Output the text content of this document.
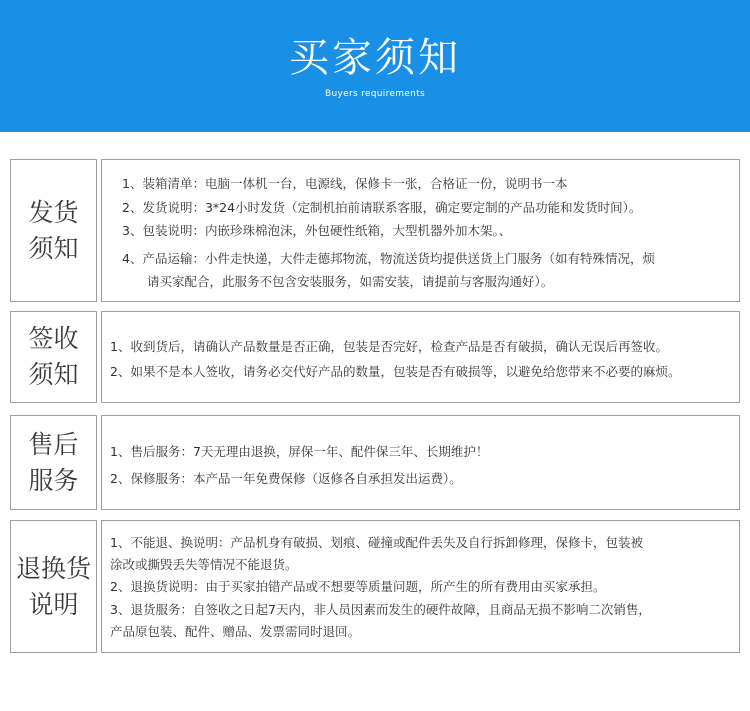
买家须知
Buyers requirements
发货
须知
1、装箱清单：电脑一体机一台，电源线，保修卡一张，合格证一份，说明书一本
2、发货说明：3*24小时发货（定制机拍前请联系客服，确定要定制的产品功能和发货时间）。
3、包装说明：内嵌珍珠棉泡沫，外包硬性纸箱，大型机器外加木架。、
4、产品运输：小件走快递，大件走德邦物流，物流送货均提供送货上门服务（如有特殊情况，烦
请买家配合，此服务不包含安装服务，如需安装，请提前与客服沟通好）。
签收
须知
1、收到货后，请确认产品数量是否正确，包装是否完好，检查产品是否有破损，确认无误后再签收。
2、如果不是本人签收，请务必交代好产品的数量，包装是否有破损等，以避免给您带来不必要的麻烦。
售后
服务
1、售后服务：7天无理由退换，屏保一年、配件保三年、长期维护！
2、保修服务：本产品一年免费保修（返修各自承担发出运费）。
退换货
说明
1、不能退、换说明：产品机身有破损、划痕、碰撞或配件丢失及自行拆卸修理，保修卡，包装被
涂改或撕毁丢失等情况不能退货。
2、退换货说明：由于买家拍错产品或不想要等质量问题，所产生的所有费用由买家承担。
3、退货服务：自签收之日起7天内，非人员因素而发生的硬件故障，且商品无损不影响二次销售，
产品原包装、配件、赠品、发票需同时退回。
